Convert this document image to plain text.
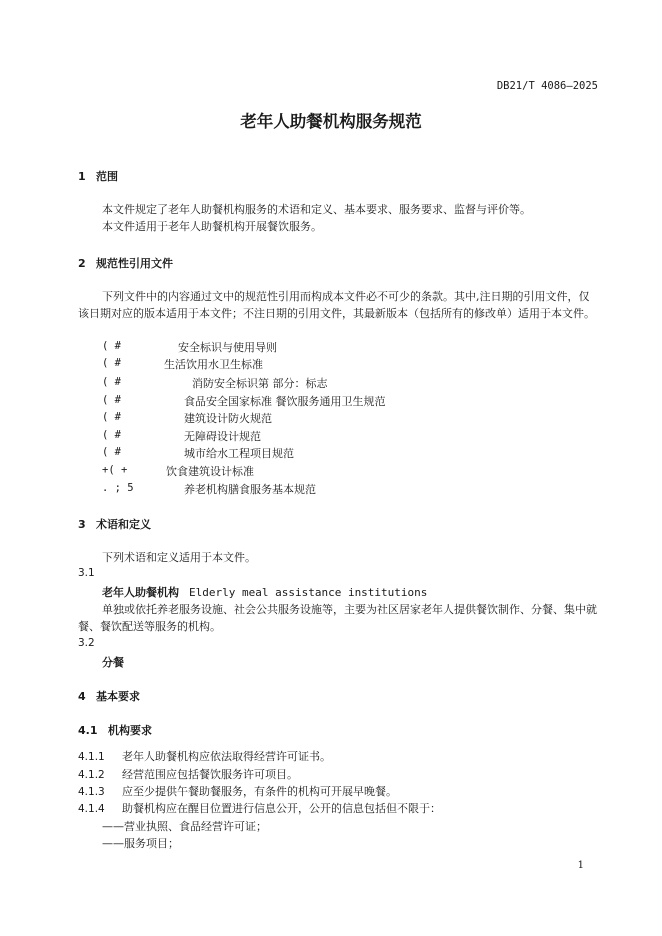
DB21/T 4086—2025
老年人助餐机构服务规范
1 范围
本文件规定了老年人助餐机构服务的术语和定义、基本要求、服务要求、监督与评价等。
本文件适用于老年人助餐机构开展餐饮服务。
2 规范性引用文件
下列文件中的内容通过文中的规范性引用而构成本文件必不可少的条款。其中,注日期的引用文件，仅该日期对应的版本适用于本文件；不注日期的引用文件，其最新版本（包括所有的修改单）适用于本文件。
( #	安全标识与使用导则
( #	生活饮用水卫生标准
( #	消防安全标识第 部分：标志
( #	食品安全国家标准 餐饮服务通用卫生规范
( #	建筑设计防火规范
( #	无障碍设计规范
( #	城市给水工程项目规范
+( +	饮食建筑设计标准
. ; 5	养老机构膳食服务基本规范
3 术语和定义
下列术语和定义适用于本文件。
3.1
老年人助餐机构 Elderly meal assistance institutions
单独或依托养老服务设施、社会公共服务设施等，主要为社区居家老年人提供餐饮制作、分餐、集中就餐、餐饮配送等服务的机构。
3.2
分餐
4 基本要求
4.1 机构要求
4.1.1 老年人助餐机构应依法取得经营许可证书。
4.1.2 经营范围应包括餐饮服务许可项目。
4.1.3 应至少提供午餐助餐服务，有条件的机构可开展早晚餐。
4.1.4 助餐机构应在醒目位置进行信息公开，公开的信息包括但不限于：
——营业执照、食品经营许可证；
——服务项目；
1
